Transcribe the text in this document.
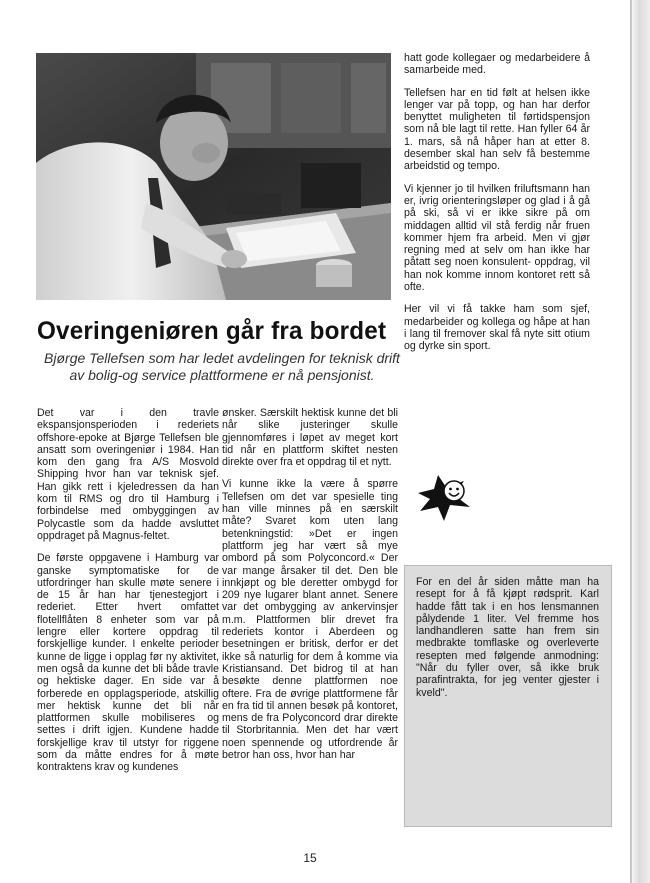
hatt gode kollegaer og medarbeidere å samarbeide med.

Tellefsen har en tid følt at helsen ikke lenger var på topp, og han har derfor benyttet muligheten til førtidspensjon som nå ble lagt til rette. Han fyller 64 år 1. mars, så nå håper han at etter 8. desember skal han selv få bestemme arbeidstid og tempo.

Vi kjenner jo til hvilken friluftsmann han er, ivrig orienteringsløper og glad i å gå på ski, så vi er ikke sikre på om middagen alltid vil stå ferdig når fruen kommer hjem fra arbeid. Men vi gjør regning med at selv om han ikke har påtatt seg noen konsulent- oppdrag, vil han nok komme innom kontoret rett så ofte.

Her vil vi få takke ham som sjef, medarbeider og kollega og håpe at han i lang til fremover skal få nyte sitt otium og dyrke sin sport.

Overingeniøren går fra bordet
Bjørge Tellefsen som har ledet avdelingen for teknisk drift av bolig-og service plattformene er nå pensjonist.

Det var i den travle ekspansjonsperioden i rederiets offshore-epoke at Bjørge Tellefsen ble ansatt som overingeniør i 1984. Han kom den gang fra A/S Mosvold Shipping hvor han var teknisk sjef. Han gikk rett i kjeledressen da han kom til RMS og dro til Hamburg i forbindelse med ombyggingen av Polycastle som da hadde avsluttet oppdraget på Magnus-feltet.

De første oppgavene i Hamburg var ganske symptomatiske for de utfordringer han skulle møte senere i de 15 år han har tjenestegjort i rederiet. Etter hvert omfattet flotellflåten 8 enheter som var på lengre eller kortere oppdrag til forskjellige kunder. I enkelte perioder kunne de ligge i opplag før ny aktivitet, men også da kunne det bli både travle og hektiske dager. En side var å forberede en opplagsperiode, atskillig mer hektisk kunne det bli når plattformen skulle mobiliseres og settes i drift igjen. Kundene hadde forskjellige krav til utstyr for riggene som da måtte endres for å møte kontraktens krav og kundenes

ønsker. Særskilt hektisk kunne det bli når slike justeringer skulle gjennomføres i løpet av meget kort tid når en plattform skiftet nesten direkte over fra et oppdrag til et nytt.

Vi kunne ikke la være å spørre Tellefsen om det var spesielle ting han ville minnes på en særskilt måte? Svaret kom uten lang betenkningstid: »Det er ingen plattform jeg har vært så mye ombord på som Polyconcord.« Der var mange årsaker til det. Den ble innkjøpt og ble deretter ombygd for 209 nye lugarer blant annet. Senere var det ombygging av ankervinsjer m.m. Plattformen blir drevet fra rederiets kontor i Aberdeen og besetningen er britisk, derfor er det ikke så naturlig for dem å komme via Kristiansand. Det bidrog til at han besøkte denne plattformen noe oftere. Fra de øvrige plattformene får en fra tid til annen besøk på kontoret, mens de fra Polyconcord drar direkte til Storbritannia. Men det har vært noen spennende og utfordrende år betror han oss, hvor han har

For en del år siden måtte man ha resept for å få kjøpt rødsprit. Karl hadde fått tak i en hos lensmannen pålydende 1 liter. Vel fremme hos landhandleren satte han frem sin medbrakte tomflaske og overleverte resepten med følgende anmodning: "Når du fyller over, så ikke bruk parafintrakta, for jeg venter gjester i kveld".

15
